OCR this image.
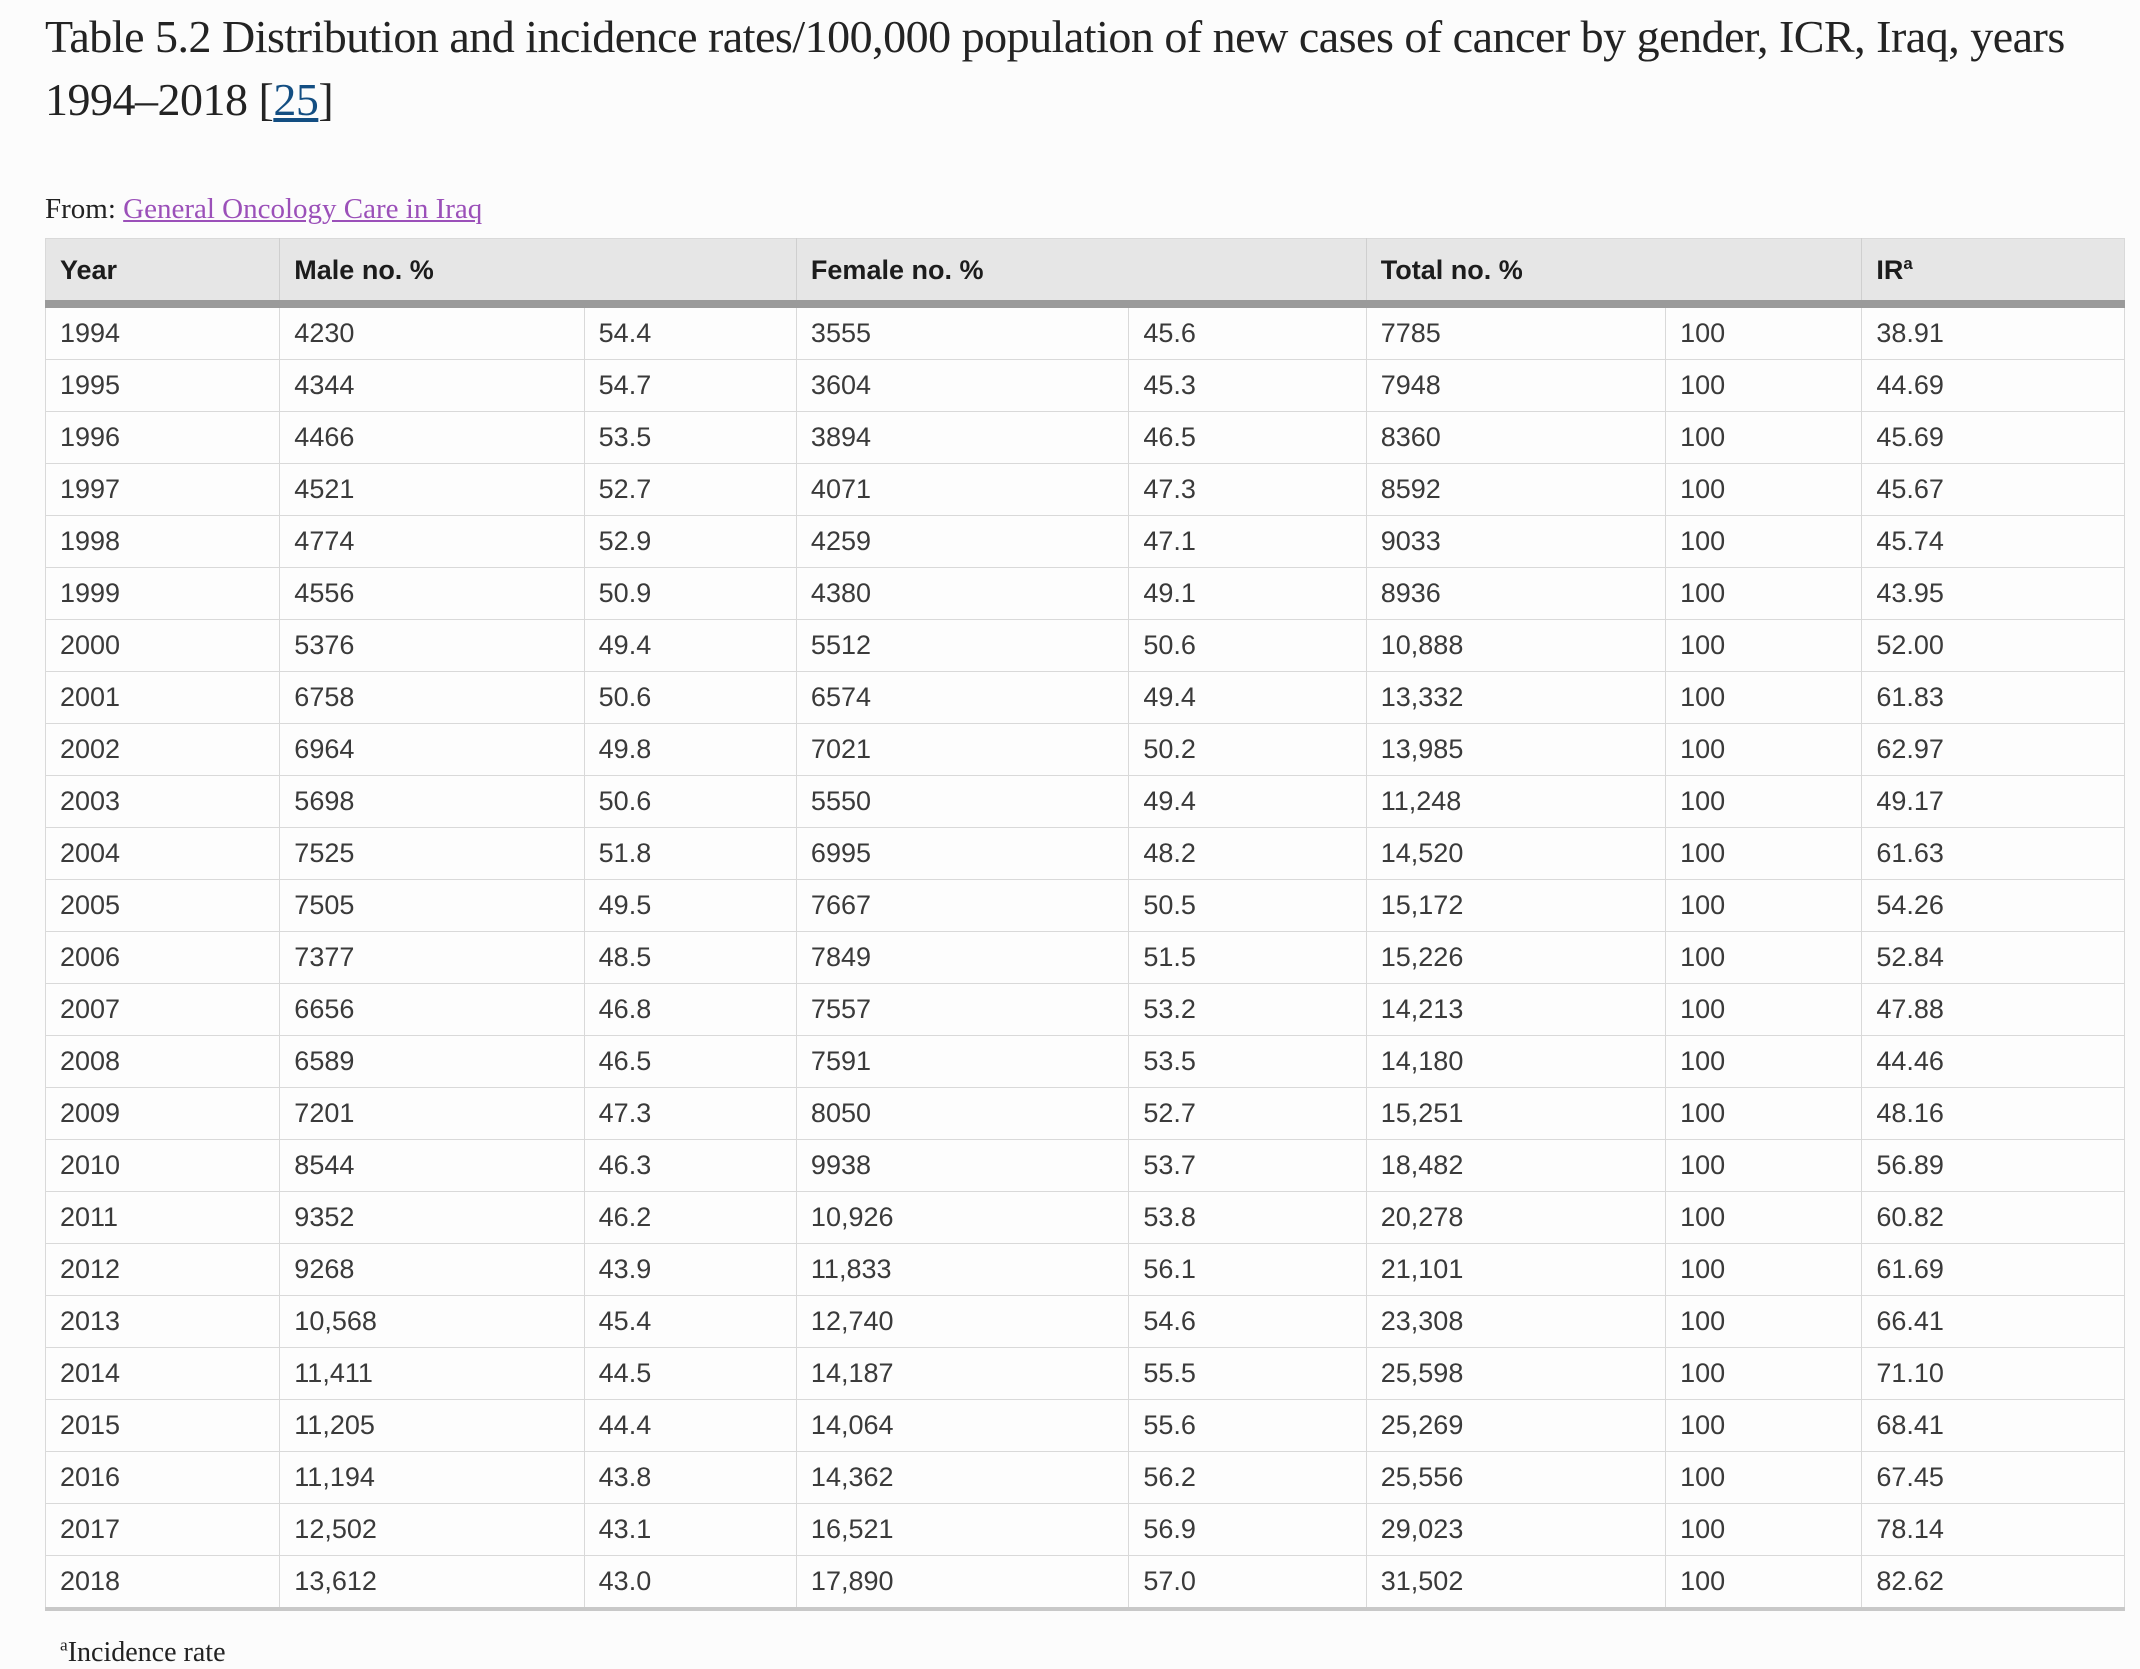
Table 5.2 Distribution and incidence rates/100,000 population of new cases of cancer by gender, ICR, Iraq, years 1994–2018 [25]

From: General Oncology Care in Iraq

Year	Male no. %		Female no. %		Total no. %		$IR^a$
1994	4230	54.4	3555	45.6	7785	100	38.91
1995	4344	54.7	3604	45.3	7948	100	44.69
1996	4466	53.5	3894	46.5	8360	100	45.69
1997	4521	52.7	4071	47.3	8592	100	45.67
1998	4774	52.9	4259	47.1	9033	100	45.74
1999	4556	50.9	4380	49.1	8936	100	43.95
2000	5376	49.4	5512	50.6	10,888	100	52.00
2001	6758	50.6	6574	49.4	13,332	100	61.83
2002	6964	49.8	7021	50.2	13,985	100	62.97
2003	5698	50.6	5550	49.4	11,248	100	49.17
2004	7525	51.8	6995	48.2	14,520	100	61.63
2005	7505	49.5	7667	50.5	15,172	100	54.26
2006	7377	48.5	7849	51.5	15,226	100	52.84
2007	6656	46.8	7557	53.2	14,213	100	47.88
2008	6589	46.5	7591	53.5	14,180	100	44.46
2009	7201	47.3	8050	52.7	15,251	100	48.16
2010	8544	46.3	9938	53.7	18,482	100	56.89
2011	9352	46.2	10,926	53.8	20,278	100	60.82
2012	9268	43.9	11,833	56.1	21,101	100	61.69
2013	10,568	45.4	12,740	54.6	23,308	100	66.41
2014	11,411	44.5	14,187	55.5	25,598	100	71.10
2015	11,205	44.4	14,064	55.6	25,269	100	68.41
2016	11,194	43.8	14,362	56.2	25,556	100	67.45
2017	12,502	43.1	16,521	56.9	29,023	100	78.14
2018	13,612	43.0	17,890	57.0	31,502	100	82.62

$^a$Incidence rate
